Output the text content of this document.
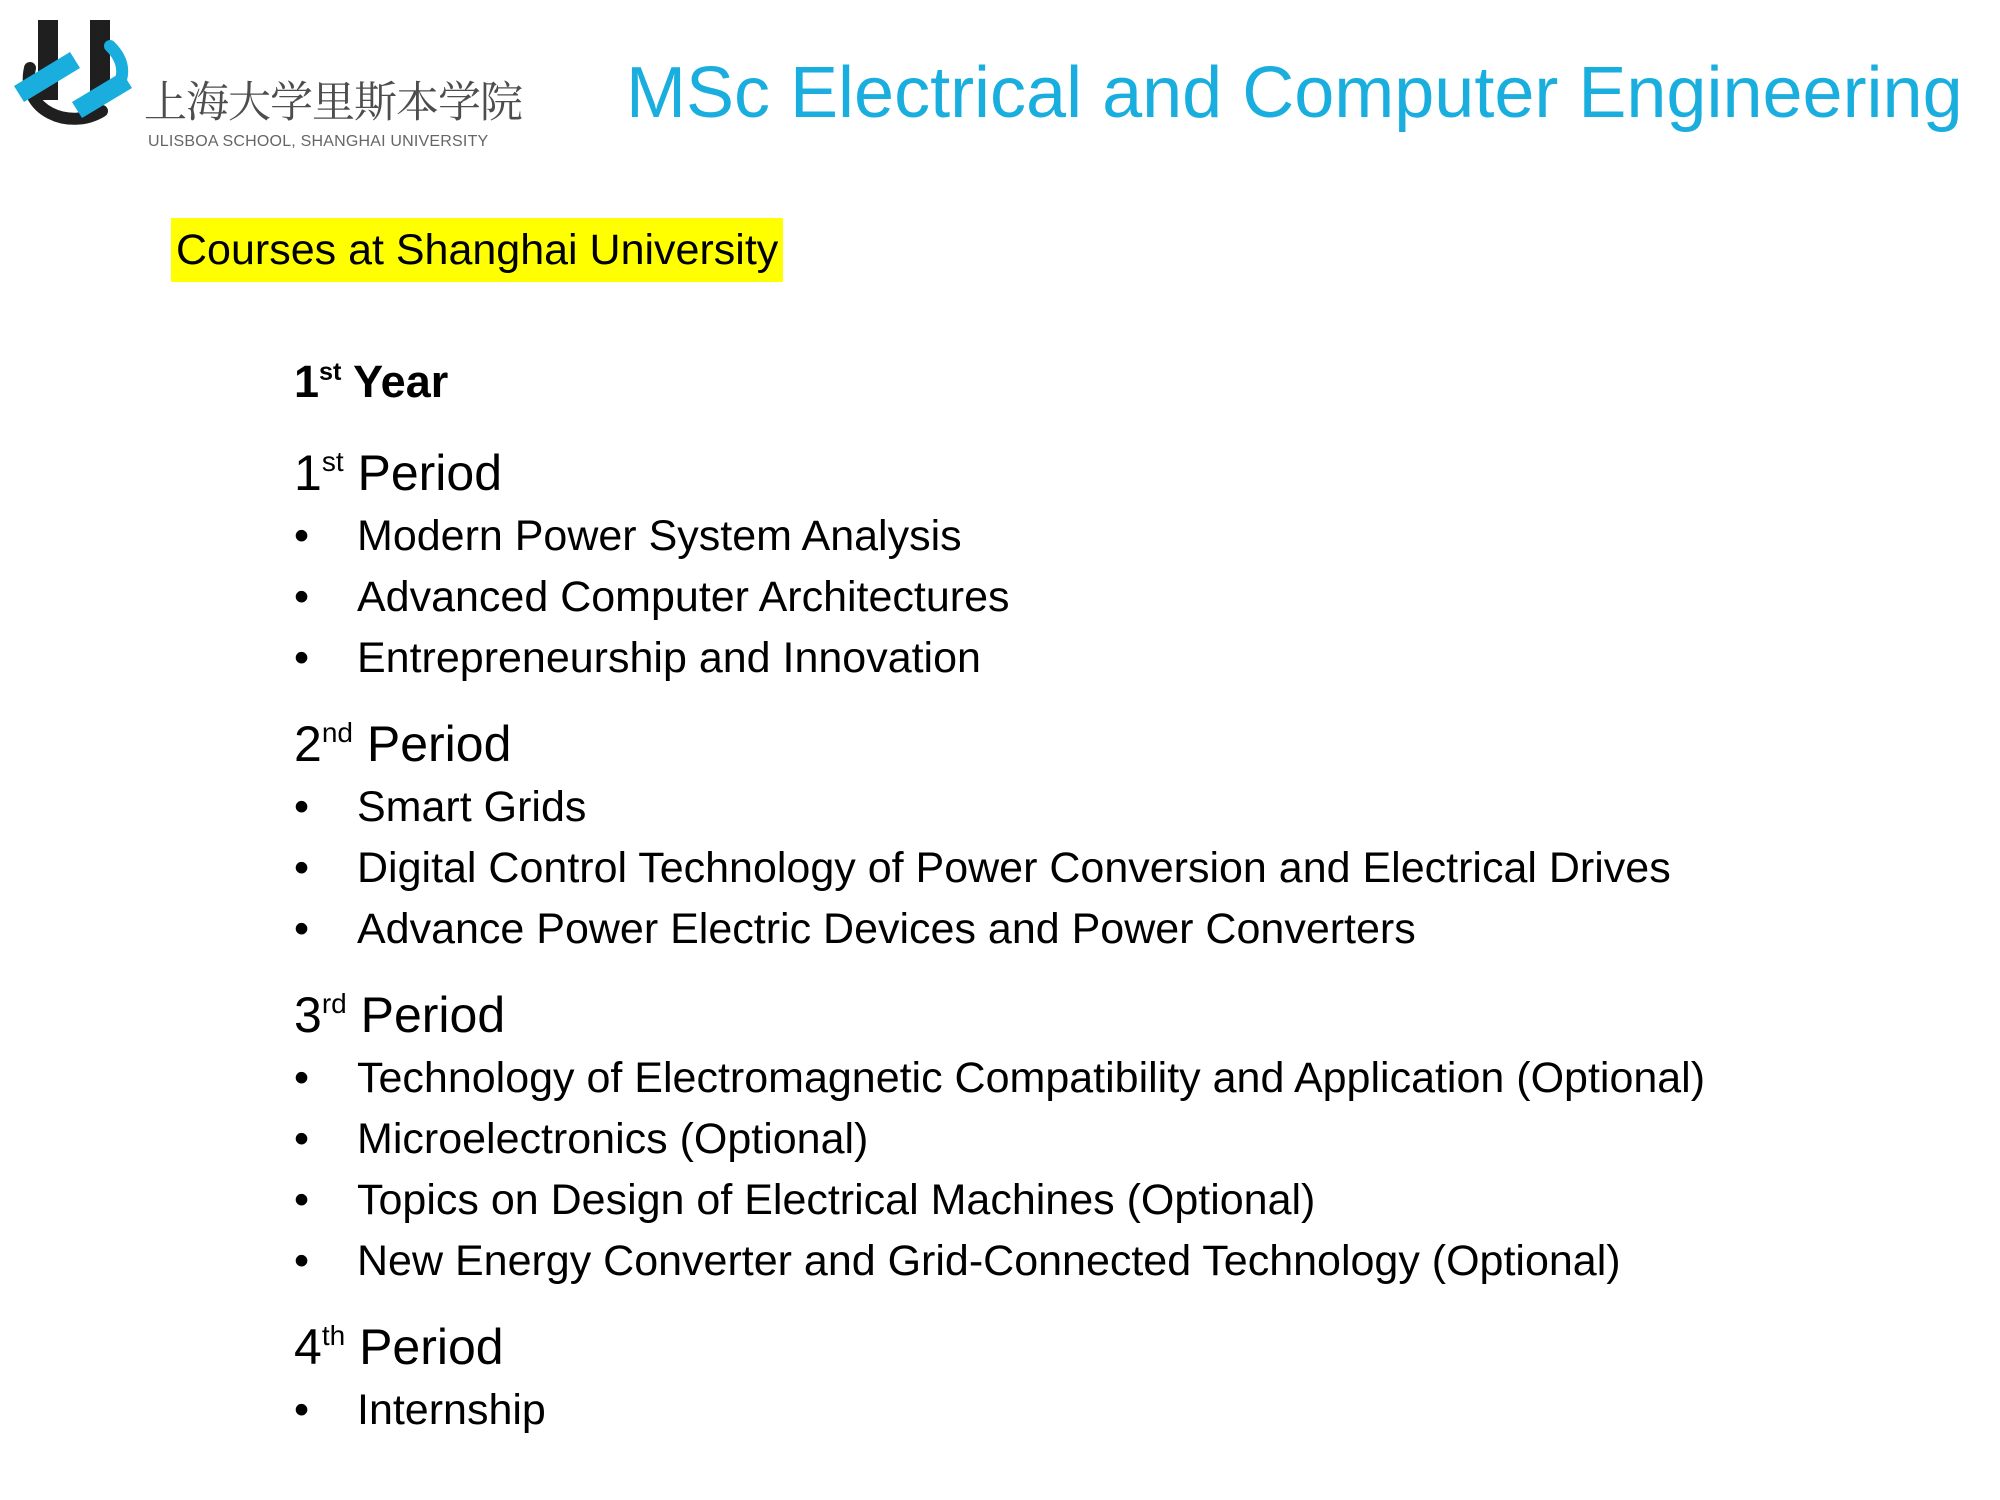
上海大学里斯本学院
ULISBOA SCHOOL, SHANGHAI UNIVERSITY
MSc Electrical and Computer Engineering
Courses at Shanghai University
1st Year
1st Period
• Modern Power System Analysis
• Advanced Computer Architectures
• Entrepreneurship and Innovation
2nd Period
• Smart Grids
• Digital Control Technology of Power Conversion and Electrical Drives
• Advance Power Electric Devices and Power Converters
3rd Period
• Technology of Electromagnetic Compatibility and Application (Optional)
• Microelectronics (Optional)
• Topics on Design of Electrical Machines (Optional)
• New Energy Converter and Grid-Connected Technology (Optional)
4th Period
• Internship
